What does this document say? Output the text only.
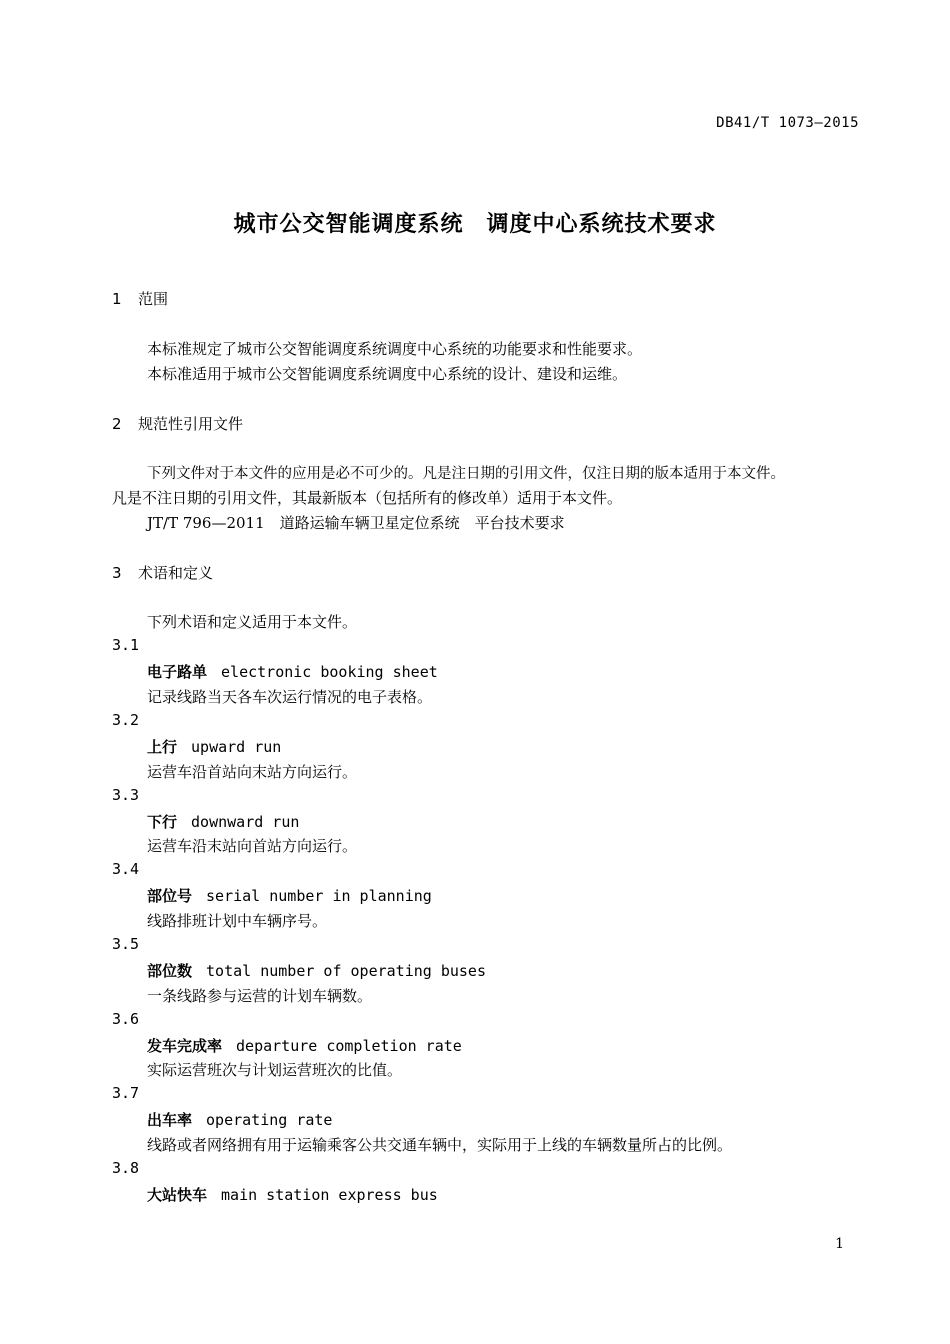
DB41/T 1073—2015
城市公交智能调度系统　调度中心系统技术要求
1 范围
本标准规定了城市公交智能调度系统调度中心系统的功能要求和性能要求。
本标准适用于城市公交智能调度系统调度中心系统的设计、建设和运维。
2 规范性引用文件
下列文件对于本文件的应用是必不可少的。凡是注日期的引用文件，仅注日期的版本适用于本文件。
凡是不注日期的引用文件，其最新版本（包括所有的修改单）适用于本文件。
JT/T 796—2011　道路运输车辆卫星定位系统　平台技术要求
3 术语和定义
下列术语和定义适用于本文件。
3.1
电子路单 electronic booking sheet
记录线路当天各车次运行情况的电子表格。
3.2
上行 upward run
运营车沿首站向末站方向运行。
3.3
下行 downward run
运营车沿末站向首站方向运行。
3.4
部位号 serial number in planning
线路排班计划中车辆序号。
3.5
部位数 total number of operating buses
一条线路参与运营的计划车辆数。
3.6
发车完成率 departure completion rate
实际运营班次与计划运营班次的比值。
3.7
出车率 operating rate
线路或者网络拥有用于运输乘客公共交通车辆中，实际用于上线的车辆数量所占的比例。
3.8
大站快车 main station express bus
1
